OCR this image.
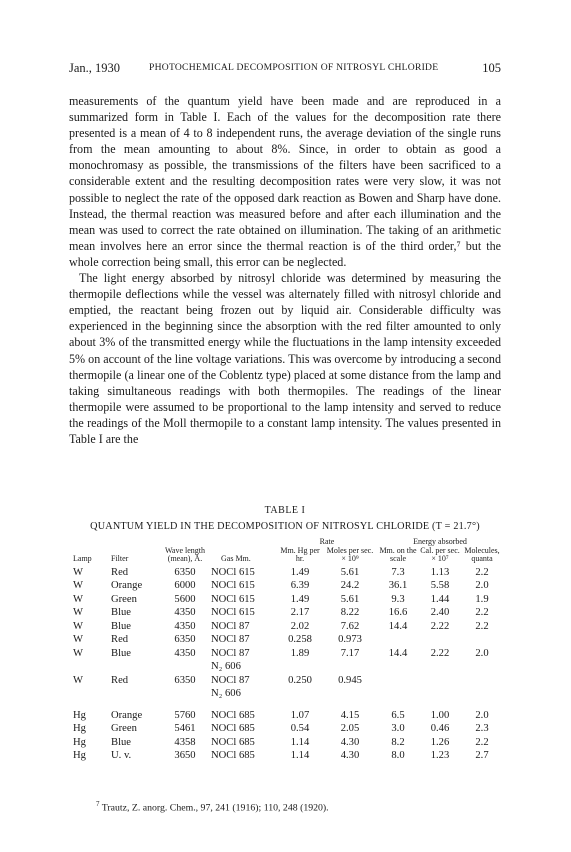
Jan., 1930	PHOTOCHEMICAL DECOMPOSITION OF NITROSYL CHLORIDE	105

measurements of the quantum yield have been made and are reproduced in a summarized form in Table I. Each of the values for the decomposition rate there presented is a mean of 4 to 8 independent runs, the average deviation of the single runs from the mean amounting to about 8%. Since, in order to obtain as good a monochromasy as possible, the transmissions of the filters have been sacrificed to a considerable extent and the resulting decomposition rates were very slow, it was not possible to neglect the rate of the opposed dark reaction as Bowen and Sharp have done. Instead, the thermal reaction was measured before and after each illumination and the mean was used to correct the rate obtained on illumination. The taking of an arithmetic mean involves here an error since the thermal reaction is of the third order,⁷ but the whole correction being small, this error can be neglected.

The light energy absorbed by nitrosyl chloride was determined by measuring the thermopile deflections while the vessel was alternately filled with nitrosyl chloride and emptied, the reactant being frozen out by liquid air. Considerable difficulty was experienced in the beginning since the absorption with the red filter amounted to only about 3% of the transmitted energy while the fluctuations in the lamp intensity exceeded 5% on account of the line voltage variations. This was overcome by introducing a second thermopile (a linear one of the Coblentz type) placed at some distance from the lamp and taking simultaneous readings with both thermopiles. The readings of the linear thermopile were assumed to be proportional to the lamp intensity and served to reduce the readings of the Moll thermopile to a constant lamp intensity. The values presented in Table I are the

TABLE I
QUANTUM YIELD IN THE DECOMPOSITION OF NITROSYL CHLORIDE (T = 21.7°)
				Rate		Energy absorbed		
Lamp	Filter	Wave length (mean), Å.	Gas Mm.	Mm. Hg per hr.	Moles per sec. × 10⁹	Mm. on the scale	Cal. per sec. × 10⁷	Molecules, quanta
W	Red	6350	NOCl 615	1.49	5.61	7.3	1.13	2.2
W	Orange	6000	NOCl 615	6.39	24.2	36.1	5.58	2.0
W	Green	5600	NOCl 615	1.49	5.61	9.3	1.44	1.9
W	Blue	4350	NOCl 615	2.17	8.22	16.6	2.40	2.2
W	Blue	4350	NOCl 87	2.02	7.62	14.4	2.22	2.2
W	Red	6350	NOCl 87	0.258	0.973			
W	Blue	4350	NOCl 87
N₂ 606	1.89	7.17	14.4	2.22	2.0
W	Red	6350	NOCl 87
N₂ 606	0.250	0.945			
Hg	Orange	5760	NOCl 685	1.07	4.15	6.5	1.00	2.0
Hg	Green	5461	NOCl 685	0.54	2.05	3.0	0.46	2.3
Hg	Blue	4358	NOCl 685	1.14	4.30	8.2	1.26	2.2
Hg	U. v.	3650	NOCl 685	1.14	4.30	8.0	1.23	2.7
$^7$ Trautz, Z. anorg. Chem., 97, 241 (1916); 110, 248 (1920).
